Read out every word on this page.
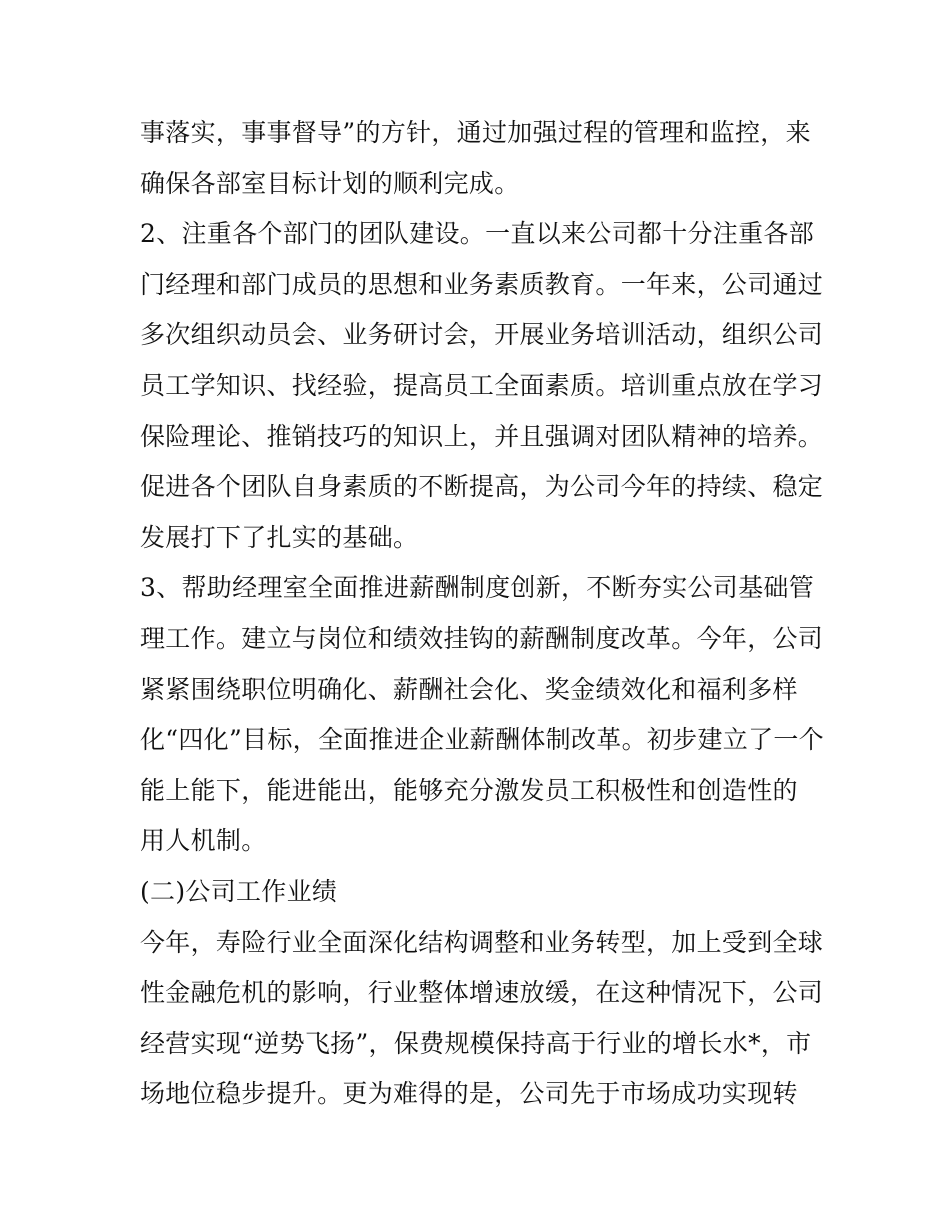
事落实，事事督导”的方针，通过加强过程的管理和监控，来
确保各部室目标计划的顺利完成。
2、注重各个部门的团队建设。一直以来公司都十分注重各部
门经理和部门成员的思想和业务素质教育。一年来，公司通过
多次组织动员会、业务研讨会，开展业务培训活动，组织公司
员工学知识、找经验，提高员工全面素质。培训重点放在学习
保险理论、推销技巧的知识上，并且强调对团队精神的培养。
促进各个团队自身素质的不断提高，为公司今年的持续、稳定
发展打下了扎实的基础。
3、帮助经理室全面推进薪酬制度创新，不断夯实公司基础管
理工作。建立与岗位和绩效挂钩的薪酬制度改革。今年，公司
紧紧围绕职位明确化、薪酬社会化、奖金绩效化和福利多样
化“四化”目标，全面推进企业薪酬体制改革。初步建立了一个
能上能下，能进能出，能够充分激发员工积极性和创造性的
用人机制。
(二)公司工作业绩
今年，寿险行业全面深化结构调整和业务转型，加上受到全球
性金融危机的影响，行业整体增速放缓，在这种情况下，公司
经营实现“逆势飞扬”，保费规模保持高于行业的增长水*，市
场地位稳步提升。更为难得的是，公司先于市场成功实现转
